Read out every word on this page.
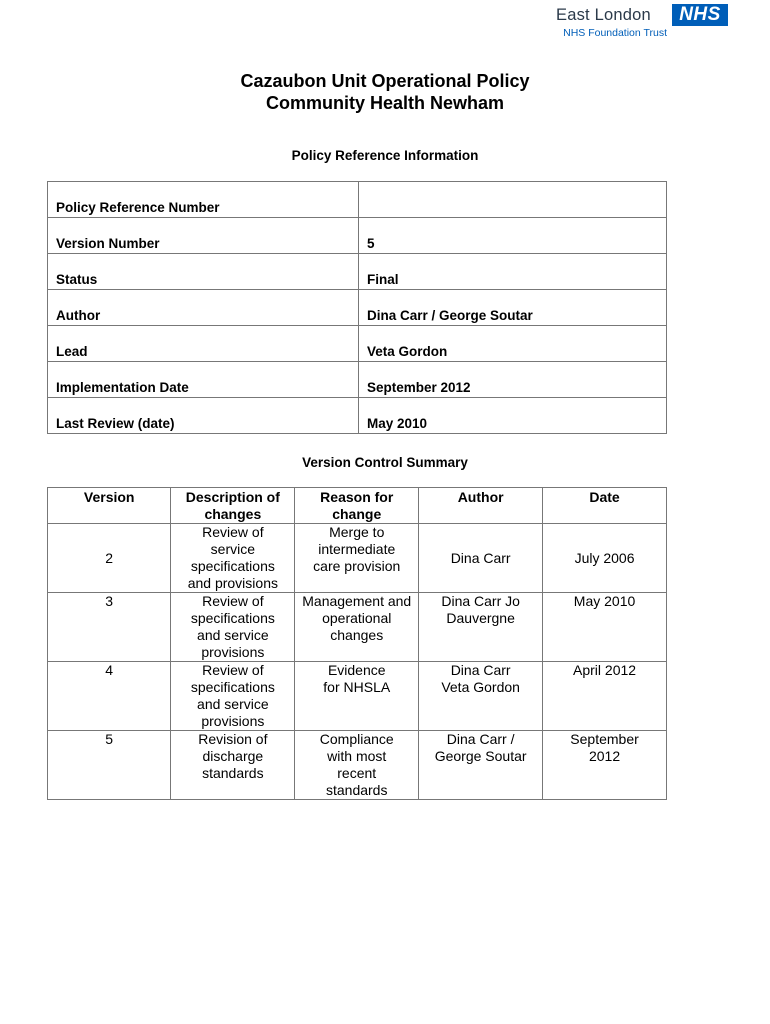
East London	NHS
NHS Foundation Trust
Cazaubon Unit Operational Policy
Community Health Newham
Policy Reference Information
Policy Reference Number	
Version Number	5
Status	Final
Author	Dina Carr / George Soutar
Lead	Veta Gordon
Implementation Date	September 2012
Last Review (date)	May 2010
Version Control Summary
Version	Description of changes	Reason for change	Author	Date
2	Review of service specifications and provisions	Merge to intermediate care provision	Dina Carr	July 2006
3	Review of specifications and service provisions	Management and operational changes	Dina Carr Jo Dauvergne	May 2010
4	Review of specifications and service provisions	Evidence for NHSLA	Dina Carr Veta Gordon	April 2012
5	Revision of discharge standards	Compliance with most recent standards	Dina Carr / George Soutar	September 2012
